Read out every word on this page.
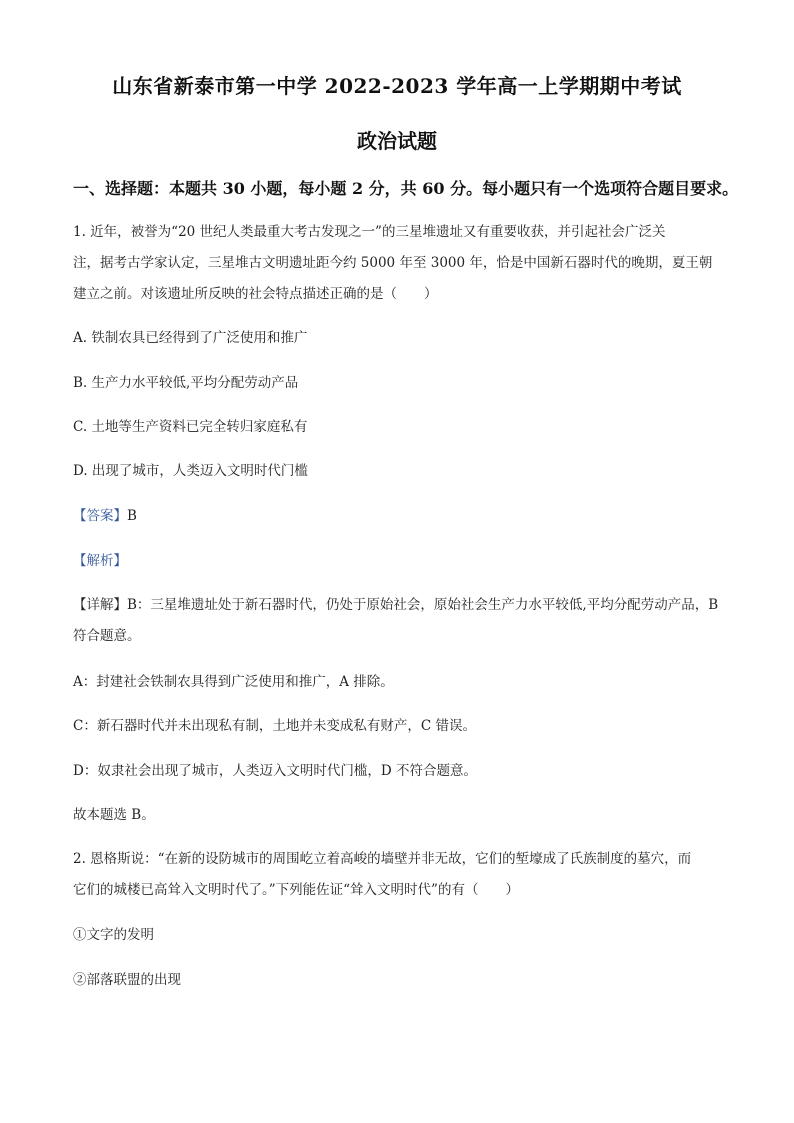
山东省新泰市第一中学 2022-2023 学年高一上学期期中考试
政治试题
一、选择题：本题共 30 小题，每小题 2 分，共 60 分。每小题只有一个选项符合题目要求。
1. 近年，被誉为“20 世纪人类最重大考古发现之一”的三星堆遗址又有重要收获，并引起社会广泛关
注，据考古学家认定，三星堆古文明遗址距今约 5000 年至 3000 年，恰是中国新石器时代的晚期，夏王朝
建立之前。对该遗址所反映的社会特点描述正确的是（　　）
A. 铁制农具已经得到了广泛使用和推广
B. 生产力水平较低,平均分配劳动产品
C. 土地等生产资料已完全转归家庭私有
D. 出现了城市，人类迈入文明时代门槛
【答案】B
【解析】
【详解】B：三星堆遗址处于新石器时代，仍处于原始社会，原始社会生产力水平较低,平均分配劳动产品，B
符合题意。
A：封建社会铁制农具得到广泛使用和推广，A 排除。
C：新石器时代并未出现私有制，土地并未变成私有财产，C 错误。
D：奴隶社会出现了城市，人类迈入文明时代门槛，D 不符合题意。
故本题选 B。
2. 恩格斯说：“在新的设防城市的周围屹立着高峻的墙壁并非无故，它们的堑壕成了氏族制度的墓穴，而
它们的城楼已高耸入文明时代了。”下列能佐证“耸入文明时代”的有（　　）
①文字的发明
②部落联盟的出现
